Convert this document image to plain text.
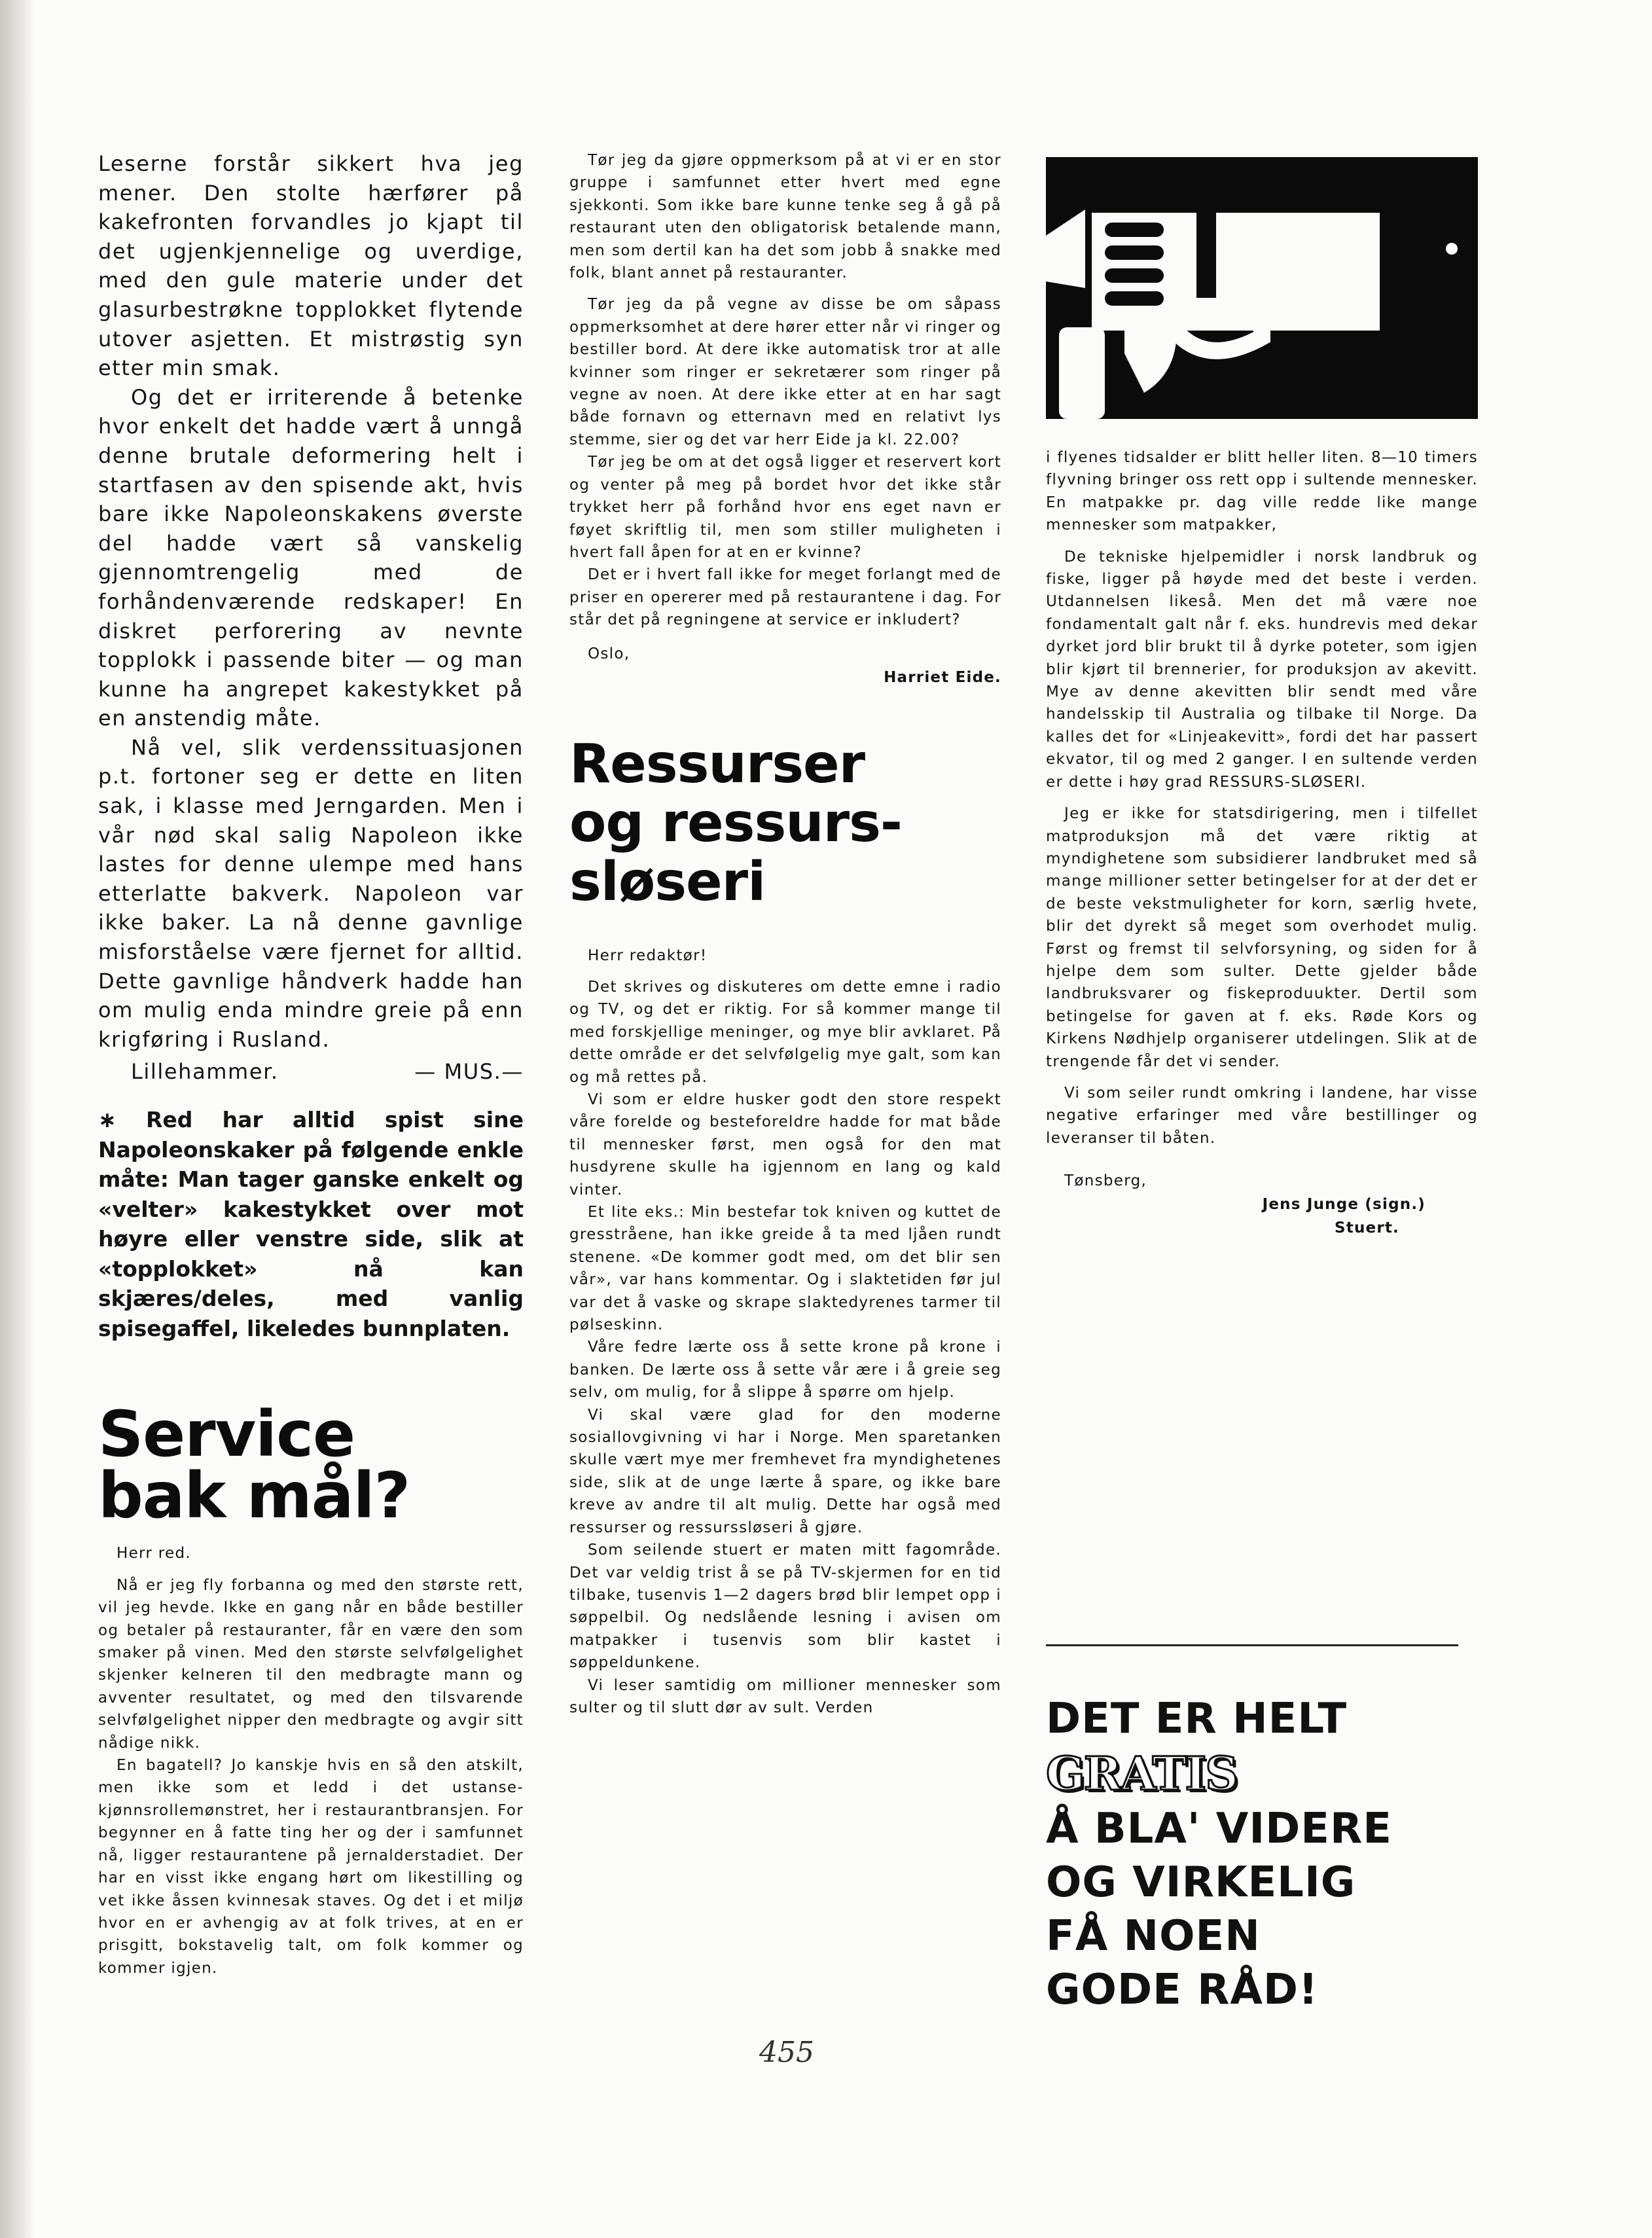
Leserne forstår sikkert hva jeg mener. Den stolte hærfører på kakefronten forvandles jo kjapt til det ugjenkjennelige og uverdige, med den gule materie under det glasurbestrøkne topplokket flytende utover asjetten. Et mistrøstig syn etter min smak.

Og det er irriterende å betenke hvor enkelt det hadde vært å unngå denne brutale deformering helt i startfasen av den spisende akt, hvis bare ikke Napoleonskakens øverste del hadde vært så vanskelig gjennomtrengelig med de forhåndenværende redskaper! En diskret perforering av nevnte topplokk i passende biter — og man kunne ha angrepet kakestykket på en anstendig måte.

Nå vel, slik verdenssituasjonen p.t. fortoner seg er dette en liten sak, i klasse med Jerngarden. Men i vår nød skal salig Napoleon ikke lastes for denne ulempe med hans etterlatte bakverk. Napoleon var ikke baker. La nå denne gavnlige misforståelse være fjernet for alltid. Dette gavnlige håndverk hadde han om mulig enda mindre greie på enn krigføring i Rusland.

Lillehammer.	— MUS.—
∗ Red har alltid spist sine Napoleonskaker på følgende enkle måte: Man tager ganske enkelt og «velter» kakestykket over mot høyre eller venstre side, slik at «topplokket» nå kan skjæres/deles, med vanlig spisegaffel, likeledes bunnplaten.
Service
bak mål?

Herr red.

Nå er jeg fly forbanna og med den største rett, vil jeg hevde. Ikke en gang når en både bestiller og betaler på restauranter, får en være den som smaker på vinen. Med den største selvfølgelighet skjenker kelneren til den medbragte mann og avventer resultatet, og med den tilsvarende selvfølgelighet nipper den medbragte og avgir sitt nådige nikk.

En bagatell? Jo kanskje hvis en så den atskilt, men ikke som et ledd i det ustanse-kjønnsrollemønstret, her i restaurantbransjen. For begynner en å fatte ting her og der i samfunnet nå, ligger restaurantene på jernalderstadiet. Der har en visst ikke engang hørt om likestilling og vet ikke åssen kvinnesak staves. Og det i et miljø hvor en er avhengig av at folk trives, at en er prisgitt, bokstavelig talt, om folk kommer og kommer igjen.

Tør jeg da gjøre oppmerksom på at vi er en stor gruppe i samfunnet etter hvert med egne sjekkonti. Som ikke bare kunne tenke seg å gå på restaurant uten den obligatorisk betalende mann, men som dertil kan ha det som jobb å snakke med folk, blant annet på restauranter.

Tør jeg da på vegne av disse be om såpass oppmerksomhet at dere hører etter når vi ringer og bestiller bord. At dere ikke automatisk tror at alle kvinner som ringer er sekretærer som ringer på vegne av noen. At dere ikke etter at en har sagt både fornavn og etternavn med en relativt lys stemme, sier og det var herr Eide ja kl. 22.00?

Tør jeg be om at det også ligger et reservert kort og venter på meg på bordet hvor det ikke står trykket herr på forhånd hvor ens eget navn er føyet skriftlig til, men som stiller muligheten i hvert fall åpen for at en er kvinne?

Det er i hvert fall ikke for meget forlangt med de priser en opererer med på restaurantene i dag. For står det på regningene at service er inkludert?

Oslo,
Harriet Eide.
Ressurser
og ressurs-
sløseri

Herr redaktør!

Det skrives og diskuteres om dette emne i radio og TV, og det er riktig. For så kommer mange til med forskjellige meninger, og mye blir avklaret. På dette område er det selvfølgelig mye galt, som kan og må rettes på.

Vi som er eldre husker godt den store respekt våre forelde og besteforeldre hadde for mat både til mennesker først, men også for den mat husdyrene skulle ha igjennom en lang og kald vinter.

Et lite eks.: Min bestefar tok kniven og kuttet de gresstråene, han ikke greide å ta med ljåen rundt stenene. «De kommer godt med, om det blir sen vår», var hans kommentar. Og i slaktetiden før jul var det å vaske og skrape slaktedyrenes tarmer til pølseskinn.

Våre fedre lærte oss å sette krone på krone i banken. De lærte oss å sette vår ære i å greie seg selv, om mulig, for å slippe å spørre om hjelp.

Vi skal være glad for den moderne sosiallovgivning vi har i Norge. Men sparetanken skulle vært mye mer fremhevet fra myndighetenes side, slik at de unge lærte å spare, og ikke bare kreve av andre til alt mulig. Dette har også med ressurser og ressurssløseri å gjøre.

Som seilende stuert er maten mitt fagområde. Det var veldig trist å se på TV-skjermen for en tid tilbake, tusenvis 1—2 dagers brød blir lempet opp i søppelbil. Og nedslående lesning i avisen om matpakker i tusenvis som blir kastet i søppeldunkene.

Vi leser samtidig om millioner mennesker som sulter og til slutt dør av sult. Verden

i flyenes tidsalder er blitt heller liten. 8—10 timers flyvning bringer oss rett opp i sultende mennesker. En matpakke pr. dag ville redde like mange mennesker som matpakker,

De tekniske hjelpemidler i norsk landbruk og fiske, ligger på høyde med det beste i verden. Utdannelsen likeså. Men det må være noe fondamentalt galt når f. eks. hundrevis med dekar dyrket jord blir brukt til å dyrke poteter, som igjen blir kjørt til brennerier, for produksjon av akevitt. Mye av denne akevitten blir sendt med våre handelsskip til Australia og tilbake til Norge. Da kalles det for «Linjeakevitt», fordi det har passert ekvator, til og med 2 ganger. I en sultende verden er dette i høy grad RESSURS-SLØSERI.

Jeg er ikke for statsdirigering, men i tilfellet matproduksjon må det være riktig at myndighetene som subsidierer landbruket med så mange millioner setter betingelser for at der det er de beste vekstmuligheter for korn, særlig hvete, blir det dyrekt så meget som overhodet mulig. Først og fremst til selvforsyning, og siden for å hjelpe dem som sulter. Dette gjelder både landbruksvarer og fiskeproduukter. Dertil som betingelse for gaven at f. eks. Røde Kors og Kirkens Nødhjelp organiserer utdelingen. Slik at de trengende får det vi sender.

Vi som seiler rundt omkring i landene, har visse negative erfaringer med våre bestillinger og leveranser til båten.

Tønsberg,
Jens Junge (sign.)
Stuert.
DET ER HELT
GRATIS
Å BLA' VIDERE
OG VIRKELIG
FÅ NOEN
GODE RÅD!
455
